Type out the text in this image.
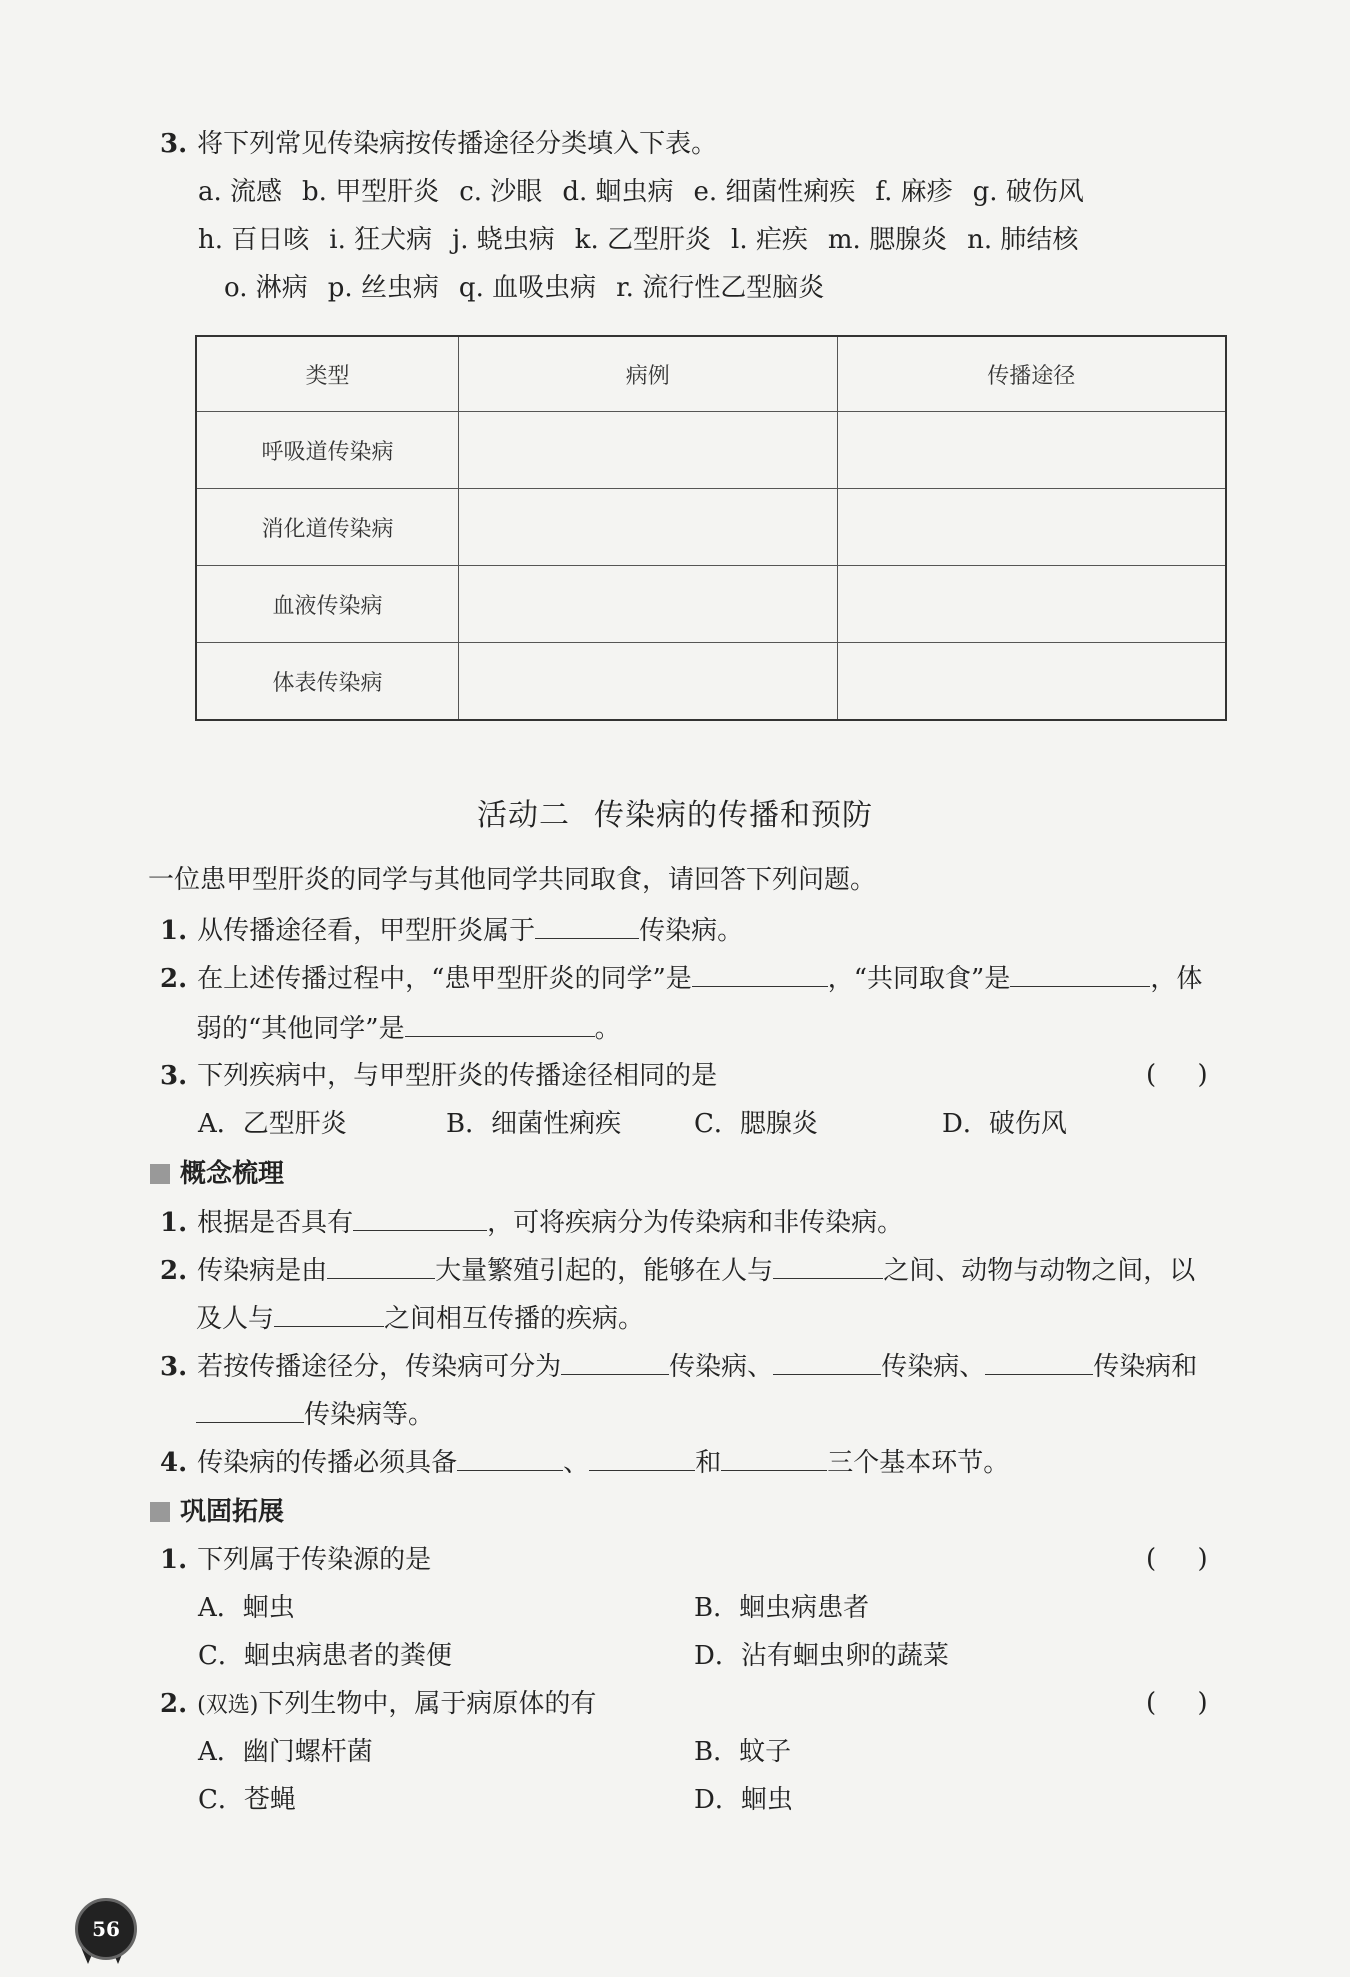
3. 将下列常见传染病按传播途径分类填入下表。
a. 流感 b. 甲型肝炎 c. 沙眼 d. 蛔虫病 e. 细菌性痢疾 f. 麻疹 g. 破伤风
h. 百日咳 i. 狂犬病 j. 蛲虫病 k. 乙型肝炎 l. 疟疾 m. 腮腺炎 n. 肺结核
o. 淋病 p. 丝虫病 q. 血吸虫病 r. 流行性乙型脑炎
类型	病例	传播途径
呼吸道传染病		
消化道传染病		
血液传染病		
体表传染病		
活动二 传染病的传播和预防
一位患甲型肝炎的同学与其他同学共同取食，请回答下列问题。
1. 从传播途径看，甲型肝炎属于	传染病。
2. 在上述传播过程中，“患甲型肝炎的同学”是	，“共同取食”是	，体
弱的“其他同学”是	。
3. 下列疾病中，与甲型肝炎的传播途径相同的是	(     )
A．乙型肝炎	B．细菌性痢疾	C．腮腺炎	D．破伤风
概念梳理
1. 根据是否具有	，可将疾病分为传染病和非传染病。
2. 传染病是由	大量繁殖引起的，能够在人与	之间、动物与动物之间，以
及人与	之间相互传播的疾病。
3. 若按传播途径分，传染病可分为	传染病、	传染病、	传染病和
传染病等。
4. 传染病的传播必须具备	、	和	三个基本环节。
巩固拓展
1. 下列属于传染源的是	(     )
A．蛔虫	B．蛔虫病患者
C．蛔虫病患者的粪便	D．沾有蛔虫卵的蔬菜
2. (双选)下列生物中，属于病原体的有	(     )
A．幽门螺杆菌	B．蚊子
C．苍蝇	D．蛔虫
56
